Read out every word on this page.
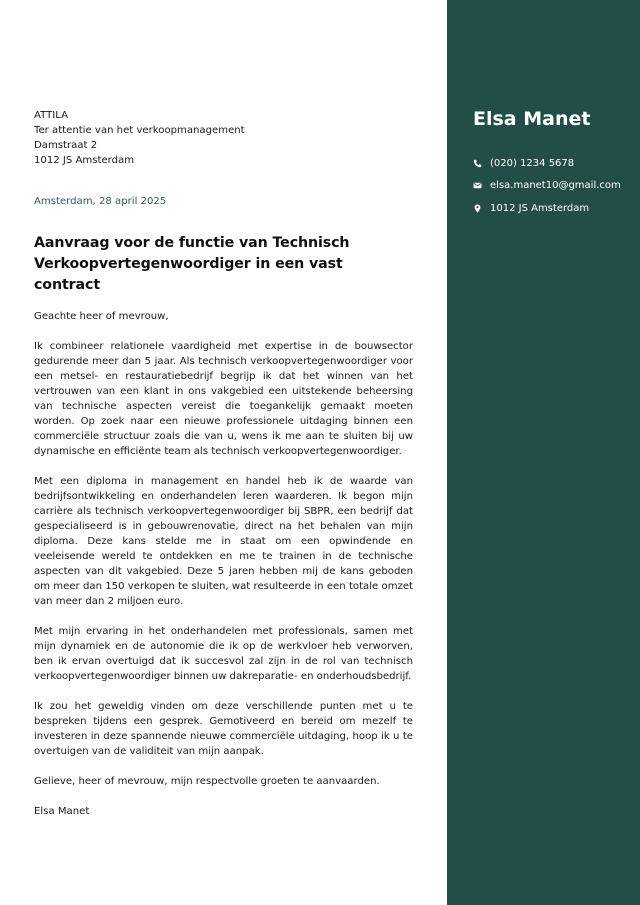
ATTILA
Ter attentie van het verkoopmanagement
Damstraat 2
1012 JS Amsterdam
Amsterdam, 28 april 2025
Aanvraag voor de functie van Technisch Verkoopvertegenwoordiger in een vast contract
Geachte heer of mevrouw,
Ik combineer relationele vaardigheid met expertise in de bouwsector gedurende meer dan 5 jaar. Als technisch verkoopvertegenwoordiger voor een metsel- en restauratiebedrijf begrijp ik dat het winnen van het vertrouwen van een klant in ons vakgebied een uitstekende beheersing van technische aspecten vereist die toegankelijk gemaakt moeten worden. Op zoek naar een nieuwe professionele uitdaging binnen een commerciële structuur zoals die van u, wens ik me aan te sluiten bij uw dynamische en efficiënte team als technisch verkoopvertegenwoordiger.
Met een diploma in management en handel heb ik de waarde van bedrijfsontwikkeling en onderhandelen leren waarderen. Ik begon mijn carrière als technisch verkoopvertegenwoordiger bij SBPR, een bedrijf dat gespecialiseerd is in gebouwrenovatie, direct na het behalen van mijn diploma. Deze kans stelde me in staat om een opwindende en veeleisende wereld te ontdekken en me te trainen in de technische aspecten van dit vakgebied. Deze 5 jaren hebben mij de kans geboden om meer dan 150 verkopen te sluiten, wat resulteerde in een totale omzet van meer dan 2 miljoen euro.
Met mijn ervaring in het onderhandelen met professionals, samen met mijn dynamiek en de autonomie die ik op de werkvloer heb verworven, ben ik ervan overtuigd dat ik succesvol zal zijn in de rol van technisch verkoopvertegenwoordiger binnen uw dakreparatie- en onderhoudsbedrijf.
Ik zou het geweldig vinden om deze verschillende punten met u te bespreken tijdens een gesprek. Gemotiveerd en bereid om mezelf te investeren in deze spannende nieuwe commerciële uitdaging, hoop ik u te overtuigen van de validiteit van mijn aanpak.
Gelieve, heer of mevrouw, mijn respectvolle groeten te aanvaarden.
Elsa Manet
Elsa Manet
(020) 1234 5678
elsa.manet10@gmail.com
1012 JS Amsterdam
